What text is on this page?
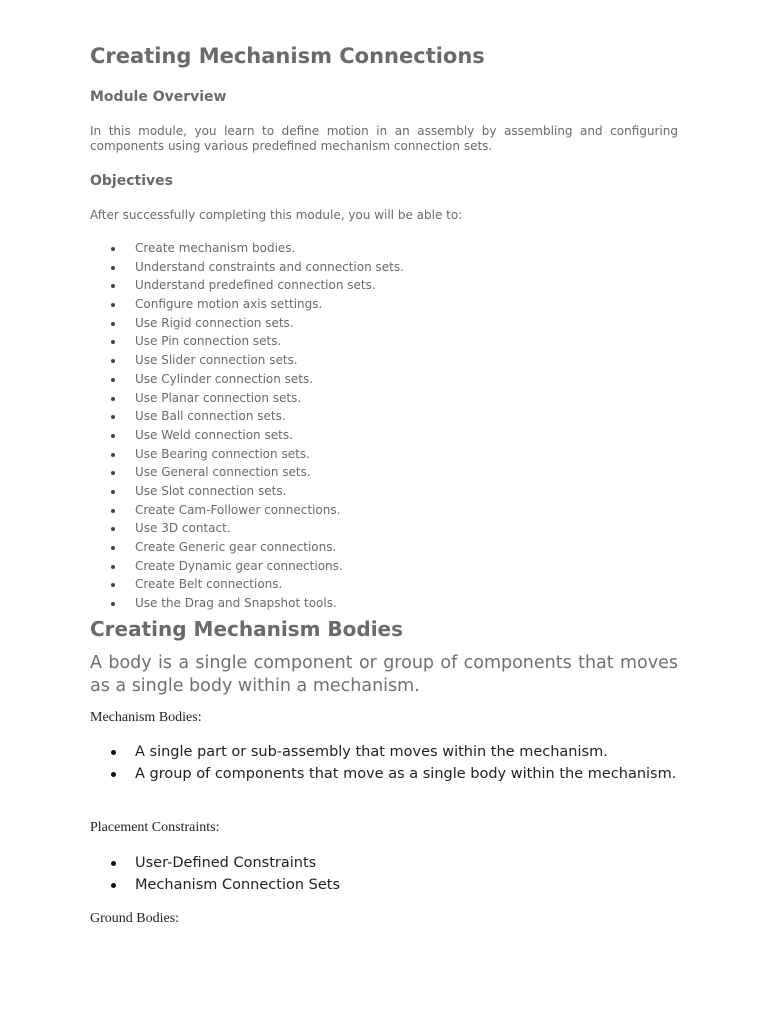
Creating Mechanism Connections
Module Overview

In this module, you learn to define motion in an assembly by assembling and configuring components using various predefined mechanism connection sets.

Objectives

After successfully completing this module, you will be able to:

Create mechanism bodies.
Understand constraints and connection sets.
Understand predefined connection sets.
Configure motion axis settings.
Use Rigid connection sets.
Use Pin connection sets.
Use Slider connection sets.
Use Cylinder connection sets.
Use Planar connection sets.
Use Ball connection sets.
Use Weld connection sets.
Use Bearing connection sets.
Use General connection sets.
Use Slot connection sets.
Create Cam-Follower connections.
Use 3D contact.
Create Generic gear connections.
Create Dynamic gear connections.
Create Belt connections.
Use the Drag and Snapshot tools.
Creating Mechanism Bodies

A body is a single component or group of components that moves as a single body within a mechanism.

Mechanism Bodies:

A single part or sub-assembly that moves within the mechanism.
A group of components that move as a single body within the mechanism.

Placement Constraints:

User-Defined Constraints
Mechanism Connection Sets

Ground Bodies:
